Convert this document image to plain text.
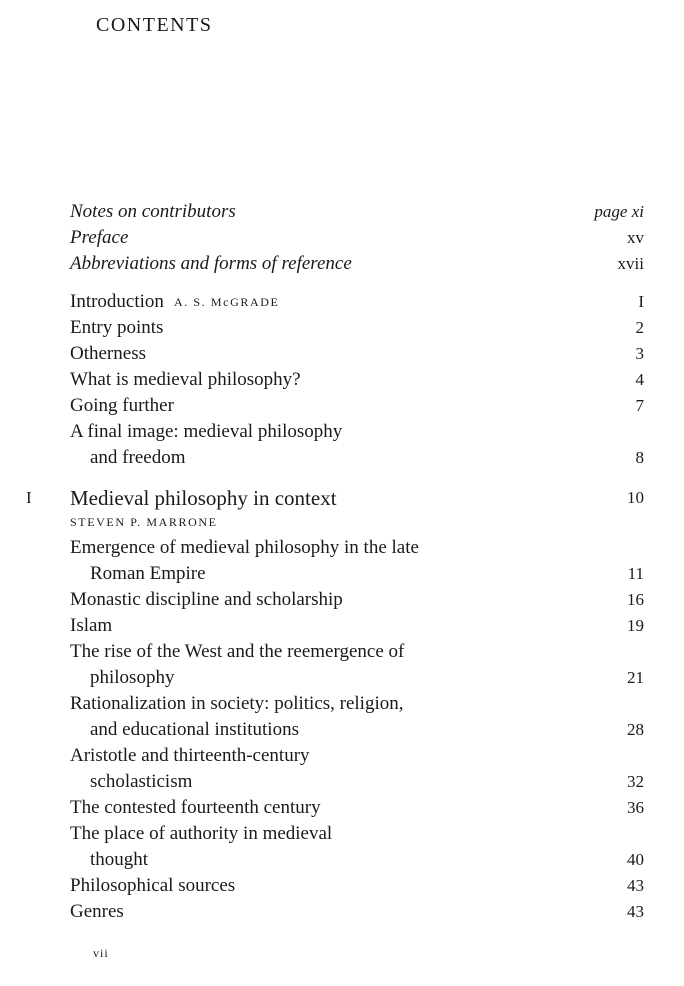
CONTENTS
Notes on contributors	page xi
Preface	xv
Abbreviations and forms of reference	xvii
Introduction A. S. McGRADE	I
Entry points	2
Otherness	3
What is medieval philosophy?	4
Going further	7
A final image: medieval philosophy
and freedom	8
I Medieval philosophy in context	10
STEVEN P. MARRONE
Emergence of medieval philosophy in the late
Roman Empire	11
Monastic discipline and scholarship	16
Islam	19
The rise of the West and the reemergence of
philosophy	21
Rationalization in society: politics, religion,
and educational institutions	28
Aristotle and thirteenth-century
scholasticism	32
The contested fourteenth century	36
The place of authority in medieval
thought	40
Philosophical sources	43
Genres	43
vii
